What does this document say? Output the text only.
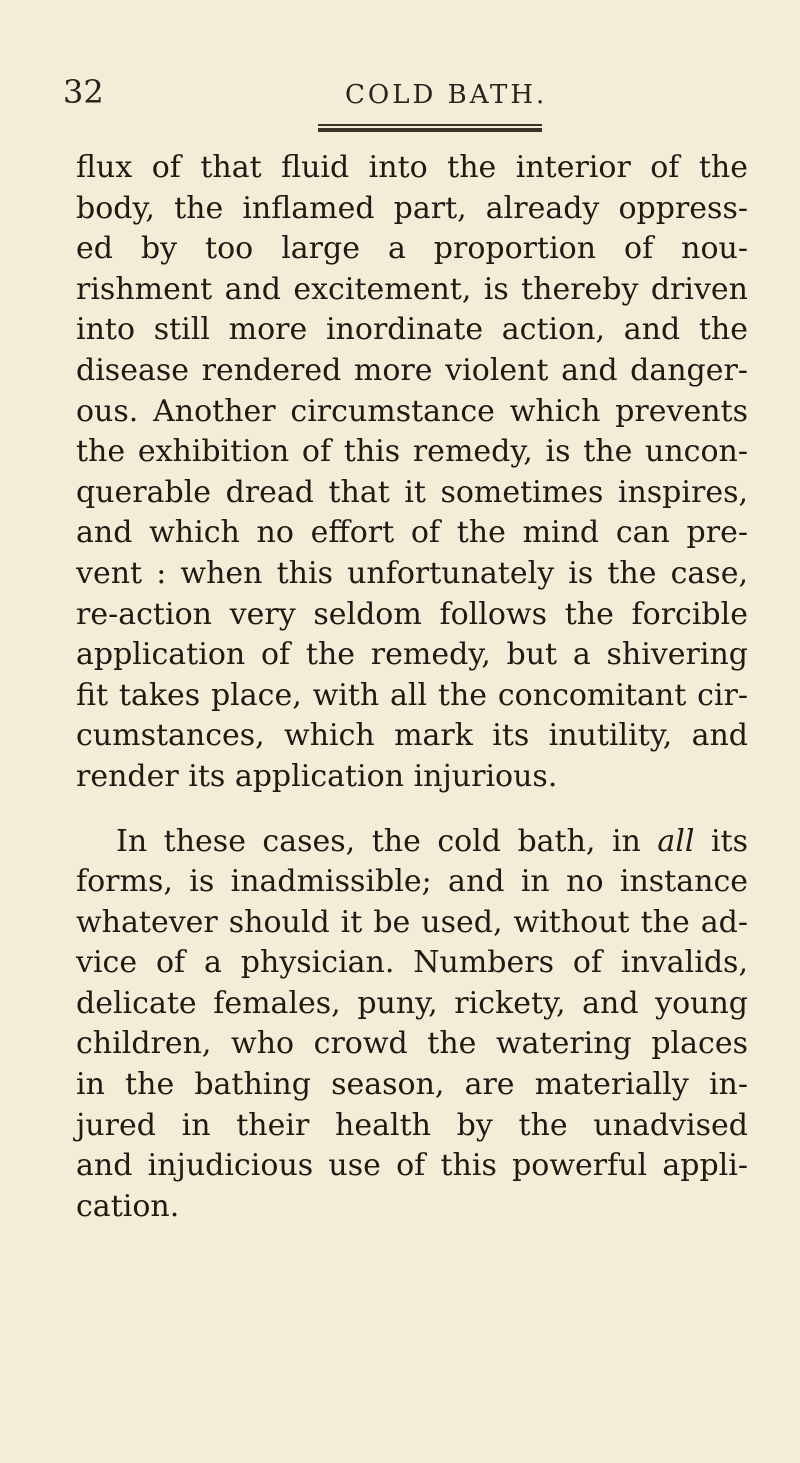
32	COLD BATH.
flux of that fluid into the interior of the
body, the inflamed part, already oppress-
ed by too large a proportion of nou-
rishment and excitement, is thereby driven
into still more inordinate action, and the
disease rendered more violent and danger-
ous. Another circumstance which prevents
the exhibition of this remedy, is the uncon-
querable dread that it sometimes inspires,
and which no effort of the mind can pre-
vent : when this unfortunately is the case,
re-action very seldom follows the forcible
application of the remedy, but a shivering
fit takes place, with all the concomitant cir-
cumstances, which mark its inutility, and
render its application injurious.
In these cases, the cold bath, in all its
forms, is inadmissible; and in no instance
whatever should it be used, without the ad-
vice of a physician. Numbers of invalids,
delicate females, puny, rickety, and young
children, who crowd the watering places
in the bathing season, are materially in-
jured in their health by the unadvised
and injudicious use of this powerful appli-
cation.
